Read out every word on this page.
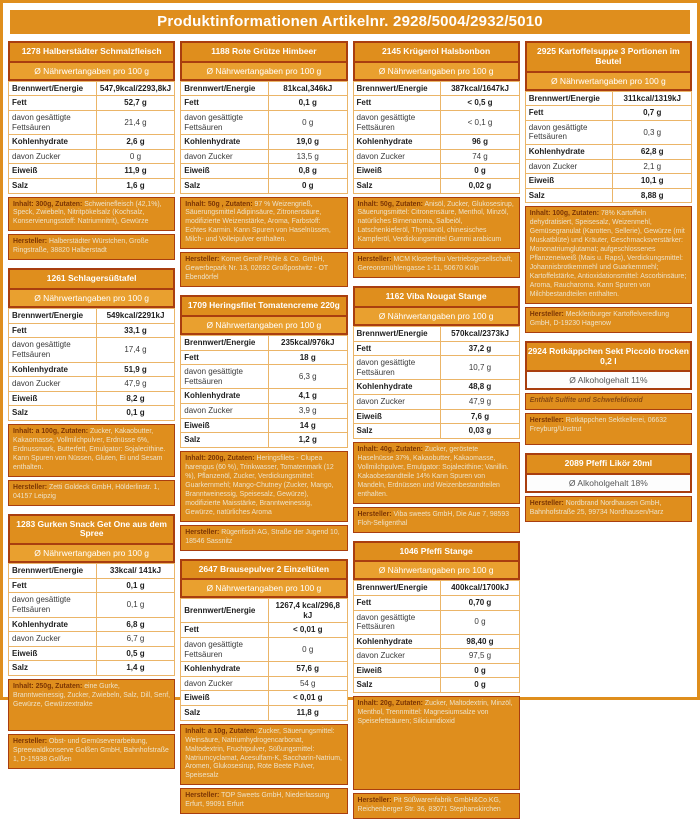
Produktinformationen Artikelnr. 2928/5004/2932/5010
1278 Halberstädter Schmalzfleisch
Ø Nährwertangaben pro 100 g
Brennwert/Energie	547,9kcal/2293,8kJ
Fett	52,7 g
davon gesättigte Fettsäuren	21,4 g
Kohlenhydrate	2,6 g
davon Zucker	0 g
Eiweiß	11,9 g
Salz	1,6 g
Inhalt: 300g, Zutaten: Schweinefleisch (42,1%), Speck, Zwiebeln, Nitritpökelsalz (Kochsalz, Konservierungsstoff: Natriumnitrit), Gewürze
Hersteller: Halberstädter Würstchen, Große Ringstraße, 38820 Halberstadt
1261 Schlagersüßtafel
Ø Nährwertangaben pro 100 g
Brennwert/Energie	549kcal/2291kJ
Fett	33,1 g
davon gesättigte Fettsäuren	17,4 g
Kohlenhydrate	51,9 g
davon Zucker	47,9 g
Eiweiß	8,2 g
Salz	0,1 g
Inhalt: a 100g, Zutaten: Zucker, Kakaobutter, Kakaomasse, Vollmilchpulver, Erdnüsse 6%, Erdnussmark, Butterfett, Emulgator: Sojalecithine. Kann Spuren von Nüssen, Gluten, Ei und Sesam enthalten.
Hersteller: Zetti Goldeck GmbH, Hölderlinstr. 1, 04157 Leipzig
1283 Gurken Snack Get One aus dem Spree
Ø Nährwertangaben pro 100 g
Brennwert/Energie	33kcal/ 141kJ
Fett	0,1 g
davon gesättigte Fettsäuren	0,1 g
Kohlenhydrate	6,8 g
davon Zucker	6,7 g
Eiweiß	0,5 g
Salz	1,4 g
Inhalt: 250g, Zutaten: eine Gurke, Branntweinessig, Zucker, Zwiebeln, Salz, Dill, Senf, Gewürze, Gewürzextrakte
Hersteller: Obst- und Gemüseverarbeitung, Spreewaldkonserve Golßen GmbH, Bahnhofstraße 1, D-15938 Golßen
1188 Rote Grütze Himbeer
Ø Nährwertangaben pro 100 g
Brennwert/Energie	81kcal,346kJ
Fett	0,1 g
davon gesättigte Fettsäuren	0 g
Kohlenhydrate	19,0 g
davon Zucker	13,5 g
Eiweiß	0,8 g
Salz	0 g
Inhalt: 50g , Zutaten: 97 % Weizengrieß, Säuerungsmittel Adipinsäure, Zitronensäure, modifizierte Weizenstärke, Aroma, Farbstoff: Echtes Karmin. Kann Spuren von Haselnüssen, Milch- und Volleipulver enthalten.
Hersteller: Komet Gerolf Pöhle & Co. GmbH, Gewerbepark Nr. 13, 02692 Großpostwitz - OT Ebendörfel
1709 Heringsfilet Tomatencreme 220g
Ø Nährwertangaben pro 100 g
Brennwert/Energie	235kcal/976kJ
Fett	18 g
davon gesättigte Fettsäuren	6,3 g
Kohlenhydrate	4,1 g
davon Zucker	3,9 g
Eiweiß	14 g
Salz	1,2 g
Inhalt: 200g, Zutaten: Heringsfilets - Clupea harengus (60 %), Trinkwasser, Tomatenmark (12 %), Pflanzenöl, Zucker, Verdickungsmittel: Guarkernmehl; Mango-Chutney (Zucker, Mango, Branntweinessig, Speisesalz, Gewürze), modifizierte Maisstärke, Branntweinessig, Gewürze, natürliches Aroma
Hersteller: Rügenfisch AG, Straße der Jugend 10, 18546 Sassnitz
2647 Brausepulver 2 Einzeltüten
Ø Nährwertangaben pro 100 g
Brennwert/Energie	1267,4 kcal/296,8 kJ
Fett	< 0,01 g
davon gesättigte Fettsäuren	0 g
Kohlenhydrate	57,6 g
davon Zucker	54 g
Eiweiß	< 0,01 g
Salz	11,8 g
Inhalt: a 10g, Zutaten: Zucker, Säuerungsmittel: Weinsäure, Natriumhydrogencarbonat, Maltodextrin, Fruchtpulver, Süßungsmittel: Natriumcyclamat, Acesulfam-K, Saccharin-Natrium, Aromen, Glukosesirup, Rote Beete Pulver, Speisesalz
Hersteller: TOP Sweets GmbH, Niederlassung Erfurt, 99091 Erfurt
2145 Krügerol Halsbonbon
Ø Nährwertangaben pro 100 g
Brennwert/Energie	387kcal/1647kJ
Fett	< 0,5 g
davon gesättigte Fettsäuren	< 0,1 g
Kohlenhydrate	96 g
davon Zucker	74 g
Eiweiß	0 g
Salz	0,02 g
Inhalt: 50g, Zutaten: Anisöl, Zucker, Glukosesirup, Säuerungsmittel: Citronensäure, Menthol, Minzöl, natürliches Birnenaroma, Salbeiöl, Latschenkieferöl, Thymianöl, chinesisches Kampferöl, Verdickungsmittel Gummi arabicum
Hersteller: MCM Klosterfrau Vertriebsgesellschaft, Gereonsmühlengasse 1-11, 50670 Köln
1162 Viba Nougat Stange
Ø Nährwertangaben pro 100 g
Brennwert/Energie	570kcal/2373kJ
Fett	37,2 g
davon gesättigte Fettsäuren	10,7 g
Kohlenhydrate	48,8 g
davon Zucker	47,9 g
Eiweiß	7,6 g
Salz	0,03 g
Inhalt: 40g, Zutaten: Zucker, geröstete Haselnüsse 37%, Kakaobutter, Kakaomasse, Vollmilchpulver, Emulgator: Sojalecithine; Vanillin. Kakaobestandteile 14% Kann Spuren von Mandeln, Erdnüssen und Weizenbestandteilen enthalten.
Hersteller: Viba sweets GmbH, Die Aue 7, 98593 Floh-Seligenthal
1046 Pfeffi Stange
Ø Nährwertangaben pro 100 g
Brennwert/Energie	400kcal/1700kJ
Fett	0,70 g
davon gesättigte Fettsäuren	0 g
Kohlenhydrate	98,40 g
davon Zucker	97,5 g
Eiweiß	0 g
Salz	0 g
Inhalt: 20g, Zutaten: Zucker, Maltodextrin, Minzöl, Menthol, Trennmittel: Magnesiumsalze von Speisefettsäuren; Siliciumdioxid
Hersteller: Pit Süßwarenfabrik GmbH&Co.KG, Reichenberger Str. 36, 83071 Stephanskirchen
2925 Kartoffelsuppe 3 Portionen im Beutel
Ø Nährwertangaben pro 100 g
Brennwert/Energie	311kcal/1319kJ
Fett	0,7 g
davon gesättigte Fettsäuren	0,3 g
Kohlenhydrate	62,8 g
davon Zucker	2,1 g
Eiweiß	10,1 g
Salz	8,88 g
Inhalt: 100g, Zutaten: 78% Kartoffeln dehydratisiert, Speisesalz, Weizenmehl, Gemüsegranulat (Karotten, Sellerie), Gewürze (mit Muskatblüte) und Kräuter, Geschmacksverstärker: Mononatriumglutamat; aufgeschlossenes Pflanzeneiweiß (Mais u. Raps), Verdickungsmittel: Johannisbrotkernmehl und Guarkernmehl; Kartoffelstärke, Antioxidationsmittel: Ascorbinsäure; Aroma, Raucharoma. Kann Spuren von Milchbestandteilen enthalten.
Hersteller: Mecklenburger Kartoffelveredlung GmbH, D-19230 Hagenow
2924 Rotkäppchen Sekt Piccolo trocken 0,2 l
Ø Alkoholgehalt 11%
Enthält Sulfite und Schwefeldioxid
Hersteller: Rotkäppchen Sektkellerei, 06632 Freyburg/Unstrut
2089 Pfeffi Likör 20ml
Ø Alkoholgehalt 18%
Hersteller: Nordbrand Nordhausen GmbH, Bahnhofstraße 25, 99734 Nordhausen/Harz
